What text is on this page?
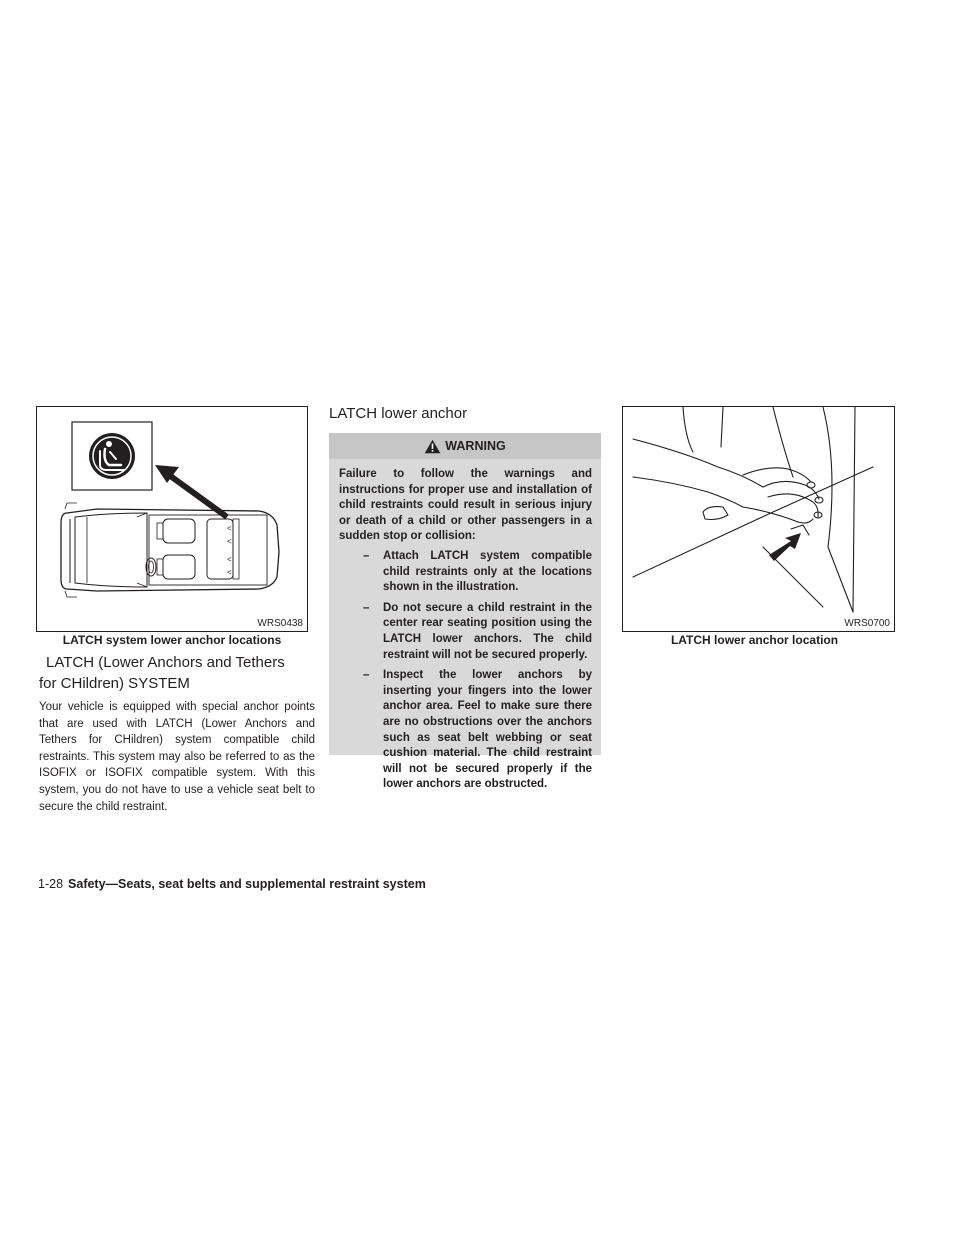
<
<
<
<
WRS0438
LATCH system lower anchor locations
LATCH (Lower Anchors and Tethers
for CHildren) SYSTEM
Your vehicle is equipped with special anchor points that are used with LATCH (Lower Anchors and Tethers for CHildren) system compatible child restraints. This system may also be referred to as the ISOFIX or ISOFIX compatible system. With this system, you do not have to use a vehicle seat belt to secure the child restraint.
LATCH lower anchor
WARNING

Failure to follow the warnings and instructions for proper use and installation of child restraints could result in serious injury or death of a child or other passengers in a sudden stop or collision:

– Attach LATCH system compatible child restraints only at the locations shown in the illustration.

– Do not secure a child restraint in the center rear seating position using the LATCH lower anchors. The child restraint will not be secured properly.

– Inspect the lower anchors by inserting your fingers into the lower anchor area. Feel to make sure there are no obstructions over the anchors such as seat belt webbing or seat cushion material. The child restraint will not be secured properly if the lower anchors are obstructed.

WRS0700
LATCH lower anchor location
1-28 Safety—Seats, seat belts and supplemental restraint system
